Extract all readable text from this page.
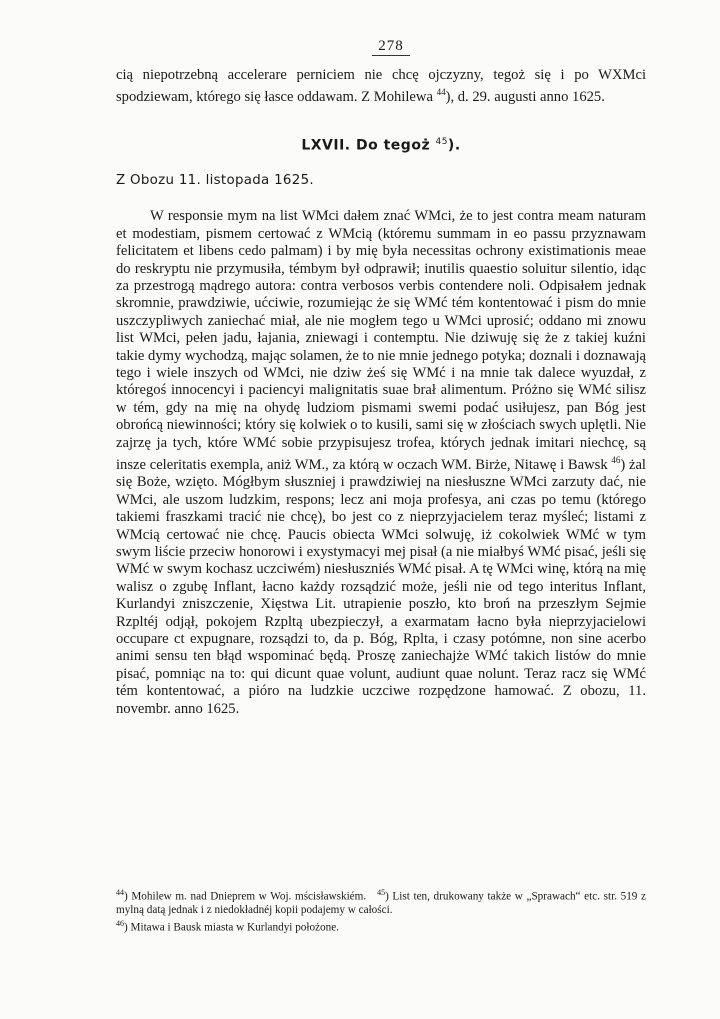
278

cią niepotrzebną accelerare perniciem nie chcę ojczyzny, tegoż się i po WXMci spodziewam, którego się łasce oddawam. Z Mohilewa $^{44}$), d. 29. augusti anno 1625.

LXVII. Do tegoż $^{45}$).

Z Obozu 11. listopada 1625.

W responsie mym na list WMci dałem znać WMci, że to jest contra meam naturam et modestiam, pismem certować z WMcią (któremu summam in eo passu przyznawam felicitatem et libens cedo palmam) i by mię była necessitas ochrony existimationis meae do reskryptu nie przymusiła, témbym był odprawił; inutilis quaestio soluitur silentio, idąc za przestrogą mądrego autora: contra verbosos verbis contendere noli. Odpisałem jednak skromnie, prawdziwie, ućciwie, rozumiejąc że się WMć tém kontentować i pism do mnie uszczypliwych zaniechać miał, ale nie mogłem tego u WMci uprosić; oddano mi znowu list WMci, pełen jadu, łajania, zniewagi i contemptu. Nie dziwuję się że z takiej kuźni takie dymy wychodzą, mając solamen, że to nie mnie jednego potyka; doznali i doznawają tego i wiele inszych od WMci, nie dziw żeś się WMć i na mnie tak dalece wyuzdał, z któregoś innocencyi i paciencyi malignitatis suae brał alimentum. Próżno się WMć silisz w tém, gdy na mię na ohydę ludziom pismami swemi podać usiłujesz, pan Bóg jest obrońcą niewinności; który się kolwiek o to kusili, sami się w złościach swych uplętli. Nie zajrzę ja tych, które WMć sobie przypisujesz trofea, których jednak imitari niechcę, są insze celeritatis exempla, aniż WM., za którą w oczach WM. Birże, Nitawę i Bawsk $^{46}$) żal się Boże, wzięto. Mógłbym słuszniej i prawdziwiej na niesłuszne WMci zarzuty dać, nie WMci, ale uszom ludzkim, respons; lecz ani moja profesya, ani czas po temu (którego takiemi fraszkami tracić nie chcę), bo jest co z nieprzyjacielem teraz myśleć; listami z WMcią certować nie chcę. Paucis obiecta WMci solwuję, iż cokolwiek WMć w tym swym liście przeciw honorowi i exystymacyi mej pisał (a nie miałbyś WMć pisać, jeśli się WMć w swym kochasz uczciwém) niesłuszniés WMć pisał. A tę WMci winę, którą na mię walisz o zgubę Inflant, łacno każdy rozsądzić może, jeśli nie od tego interitus Inflant, Kurlandyi zniszczenie, Xięstwa Lit. utrapienie poszło, kto broń na przeszłym Sejmie Rzpltéj odjął, pokojem Rzpltą ubezpieczył, a exarmatam łacno była nieprzyjacielowi occupare ct expugnare, rozsądzi to, da p. Bóg, Rplta, i czasy potómne, non sine acerbo animi sensu ten błąd wspominać będą. Proszę zaniechajże WMć takich listów do mnie pisać, pomniąc na to: qui dicunt quae volunt, audiunt quae nolunt. Teraz racz się WMć tém kontentować, a pióro na ludzkie uczciwe rozpędzone hamować. Z obozu, 11. novembr. anno 1625.

$^{44}$) Mohilew m. nad Dnieprem w Woj. mścisławskiém. $^{45}$) List ten, drukowany także w „Sprawach“ etc. str. 519 z mylną datą jednak i z niedokładnéj kopii podajemy w całości.

$^{46}$) Mitawa i Bausk miasta w Kurlandyi położone.
